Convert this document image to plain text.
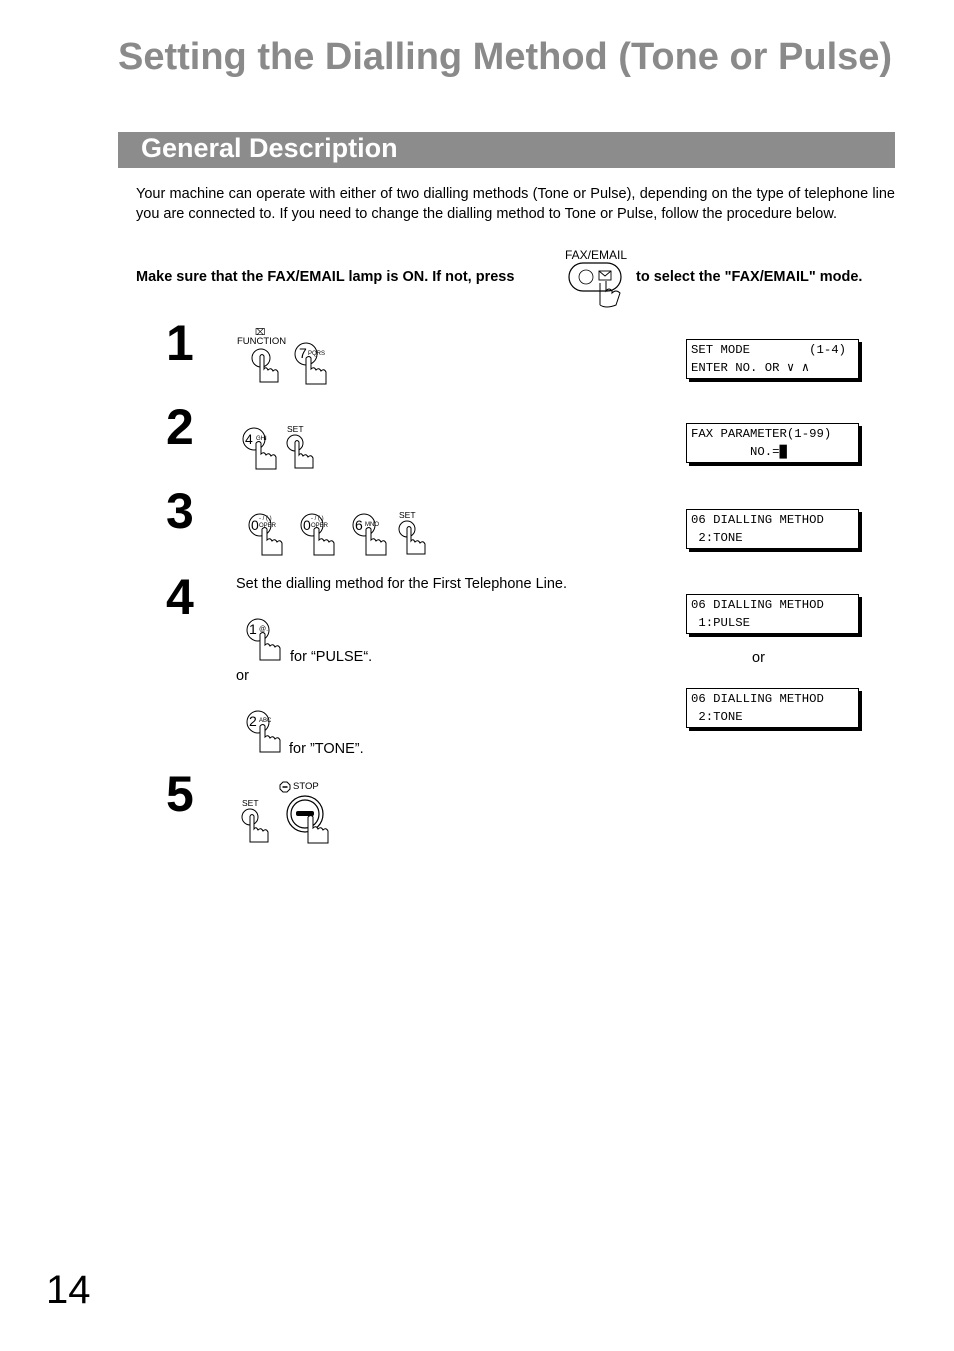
Setting the Dialling Method (Tone or Pulse)
General Description
Your machine can operate with either of two dialling methods (Tone or Pulse), depending on the type of telephone line you are connected to. If you need to change the dialling method to Tone or Pulse, follow the procedure below.
Make sure that the FAX/EMAIL lamp is ON. If not, press
FAX/EMAIL
to select the "FAX/EMAIL" mode.
1
2
3
4
5
⌧
FUNCTION
7 PQRS	SET MODE        (1-4)
ENTER NO. OR ∨ ∧
4 GHI
SET	FAX PARAMETER(1-99)
NO.=█
0 - / ( )
OPER 0 - / ( )
OPER 6 MNO
SET	06 DIALLING METHOD
2:TONE
Set the dialling method for the First Telephone Line.
1 @.
for “PULSE“.
or
2 ABC
for ”TONE”.
06 DIALLING METHOD
1:PULSE
or
06 DIALLING METHOD
2:TONE
SET
STOP
14
